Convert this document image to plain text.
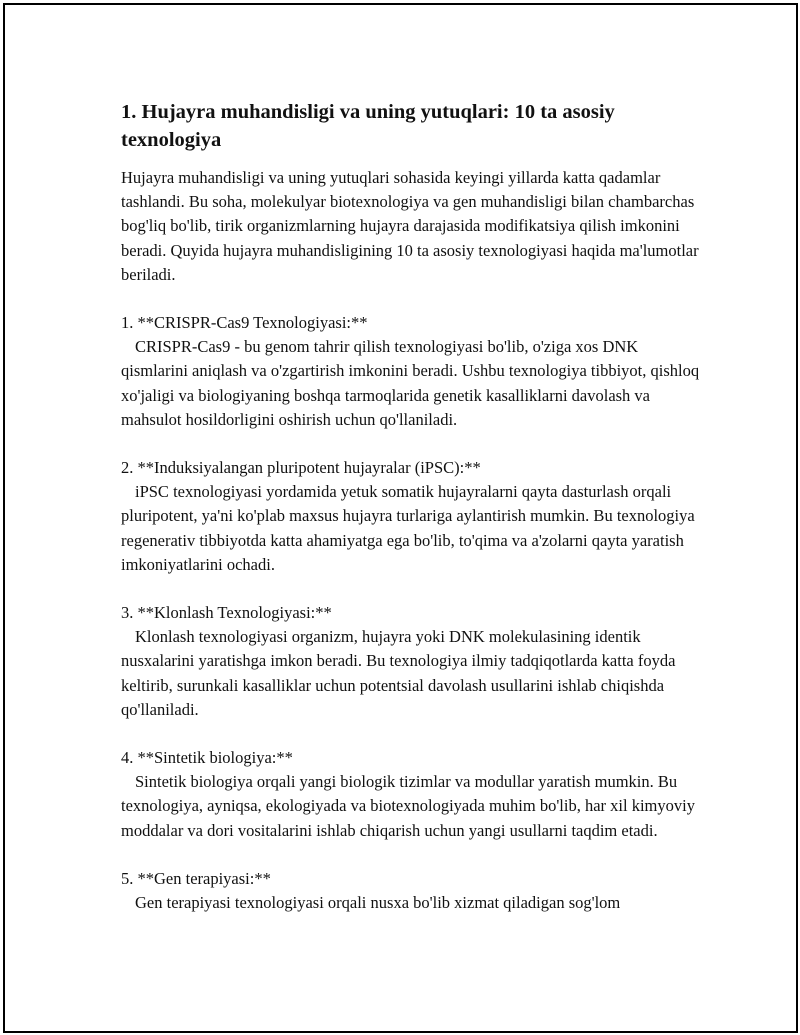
1. Hujayra muhandisligi va uning yutuqlari: 10 ta asosiy texnologiya

Hujayra muhandisligi va uning yutuqlari sohasida keyingi yillarda katta qadamlar tashlandi. Bu soha, molekulyar biotexnologiya va gen muhandisligi bilan chambarchas bog'liq bo'lib, tirik organizmlarning hujayra darajasida modifikatsiya qilish imkonini beradi. Quyida hujayra muhandisligining 10 ta asosiy texnologiyasi haqida ma'lumotlar beriladi.

1. **CRISPR-Cas9 Texnologiyasi:**

CRISPR-Cas9 - bu genom tahrir qilish texnologiyasi bo'lib, o'ziga xos DNK qismlarini aniqlash va o'zgartirish imkonini beradi. Ushbu texnologiya tibbiyot, qishloq xo'jaligi va biologiyaning boshqa tarmoqlarida genetik kasalliklarni davolash va mahsulot hosildorligini oshirish uchun qo'llaniladi.

2. **Induksiyalangan pluripotent hujayralar (iPSC):**

iPSC texnologiyasi yordamida yetuk somatik hujayralarni qayta dasturlash orqali pluripotent, ya'ni ko'plab maxsus hujayra turlariga aylantirish mumkin. Bu texnologiya regenerativ tibbiyotda katta ahamiyatga ega bo'lib, to'qima va a'zolarni qayta yaratish imkoniyatlarini ochadi.

3. **Klonlash Texnologiyasi:**

Klonlash texnologiyasi organizm, hujayra yoki DNK molekulasining identik nusxalarini yaratishga imkon beradi. Bu texnologiya ilmiy tadqiqotlarda katta foyda keltirib, surunkali kasalliklar uchun potentsial davolash usullarini ishlab chiqishda qo'llaniladi.

4. **Sintetik biologiya:**

Sintetik biologiya orqali yangi biologik tizimlar va modullar yaratish mumkin. Bu texnologiya, ayniqsa, ekologiyada va biotexnologiyada muhim bo'lib, har xil kimyoviy moddalar va dori vositalarini ishlab chiqarish uchun yangi usullarni taqdim etadi.

5. **Gen terapiyasi:**

Gen terapiyasi texnologiyasi orqali nusxa bo'lib xizmat qiladigan sog'lom
